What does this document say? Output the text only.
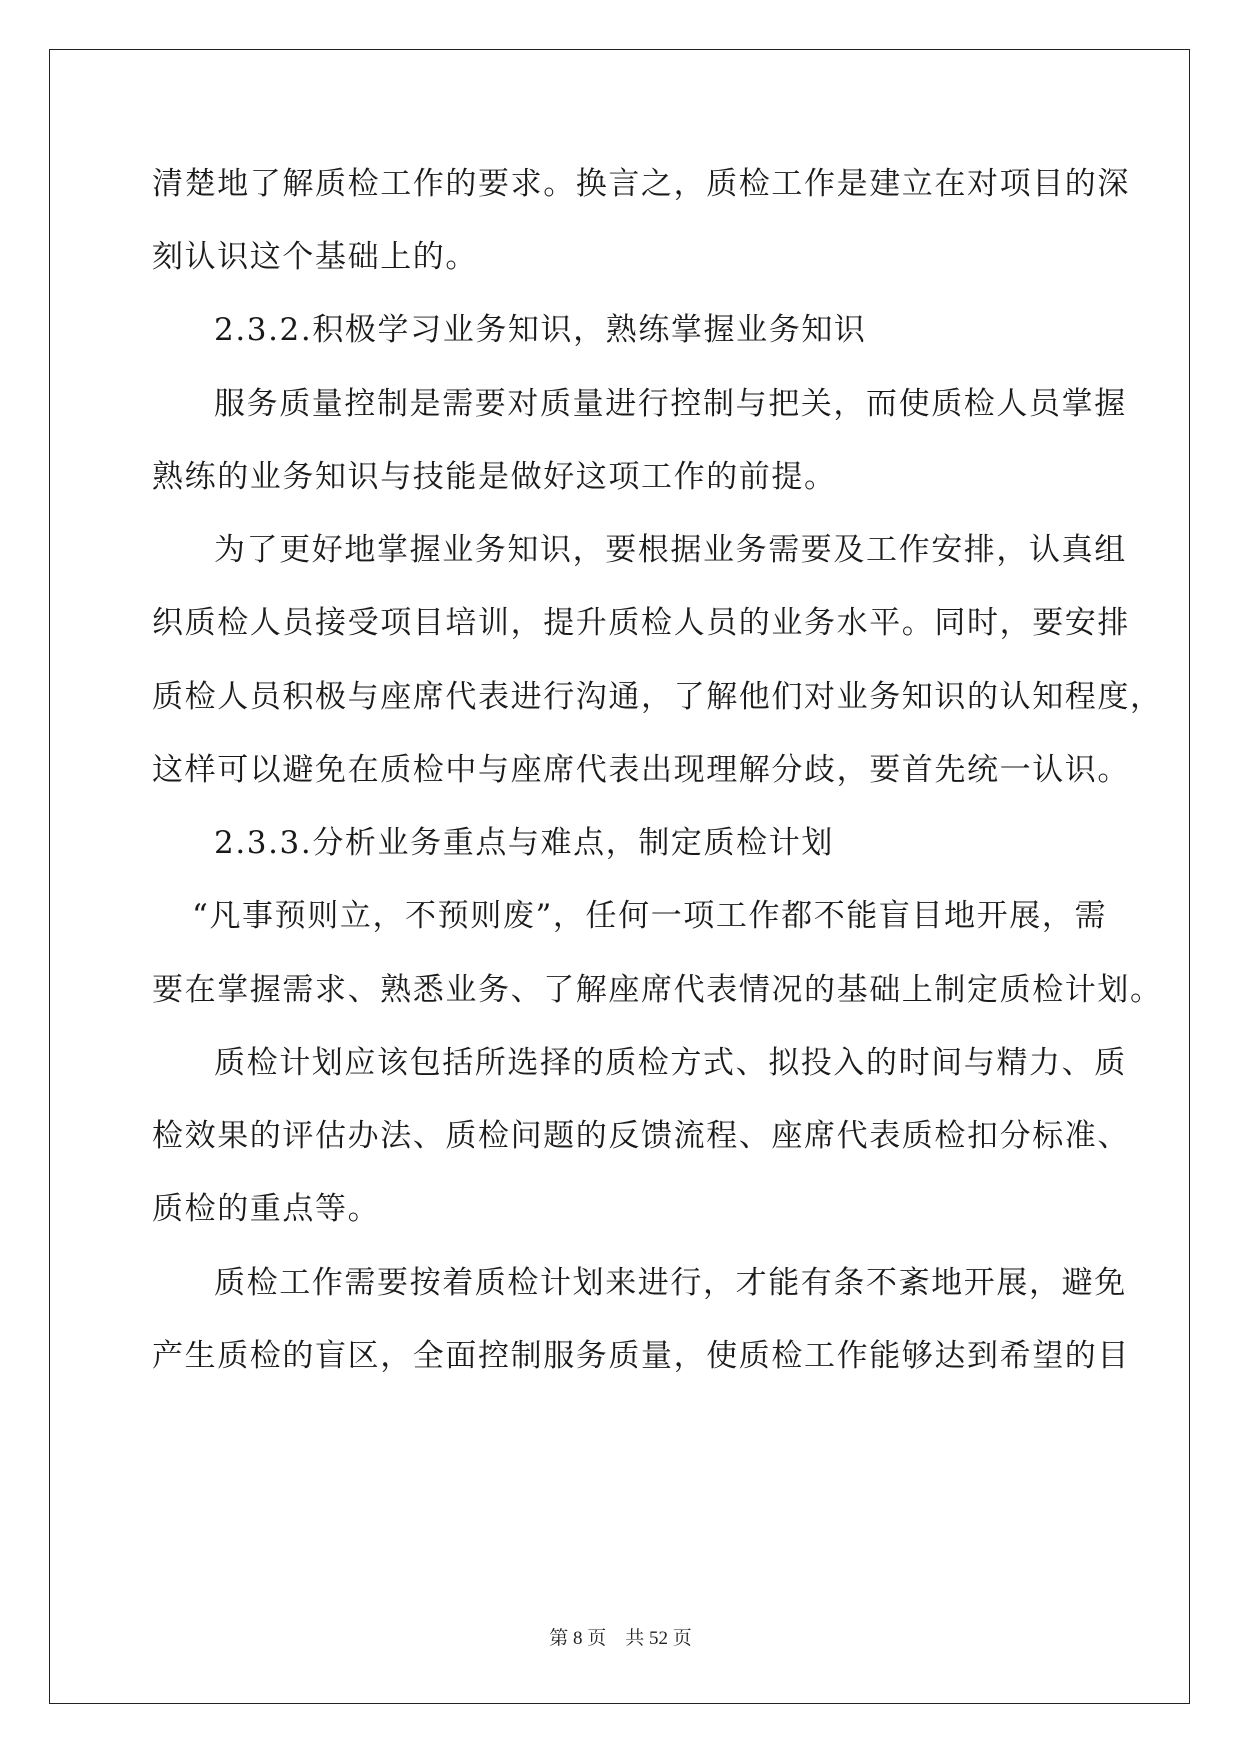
清楚地了解质检工作的要求。换言之，质检工作是建立在对项目的深
刻认识这个基础上的。
2.3.2.积极学习业务知识，熟练掌握业务知识
服务质量控制是需要对质量进行控制与把关，而使质检人员掌握
熟练的业务知识与技能是做好这项工作的前提。
为了更好地掌握业务知识，要根据业务需要及工作安排，认真组
织质检人员接受项目培训，提升质检人员的业务水平。同时，要安排
质检人员积极与座席代表进行沟通，了解他们对业务知识的认知程度，
这样可以避免在质检中与座席代表出现理解分歧，要首先统一认识。
2.3.3.分析业务重点与难点，制定质检计划
“凡事预则立，不预则废”，任何一项工作都不能盲目地开展，需
要在掌握需求、熟悉业务、了解座席代表情况的基础上制定质检计划。
质检计划应该包括所选择的质检方式、拟投入的时间与精力、质
检效果的评估办法、质检问题的反馈流程、座席代表质检扣分标准、
质检的重点等。
质检工作需要按着质检计划来进行，才能有条不紊地开展，避免
产生质检的盲区，全面控制服务质量，使质检工作能够达到希望的目
第 8 页    共 52 页
